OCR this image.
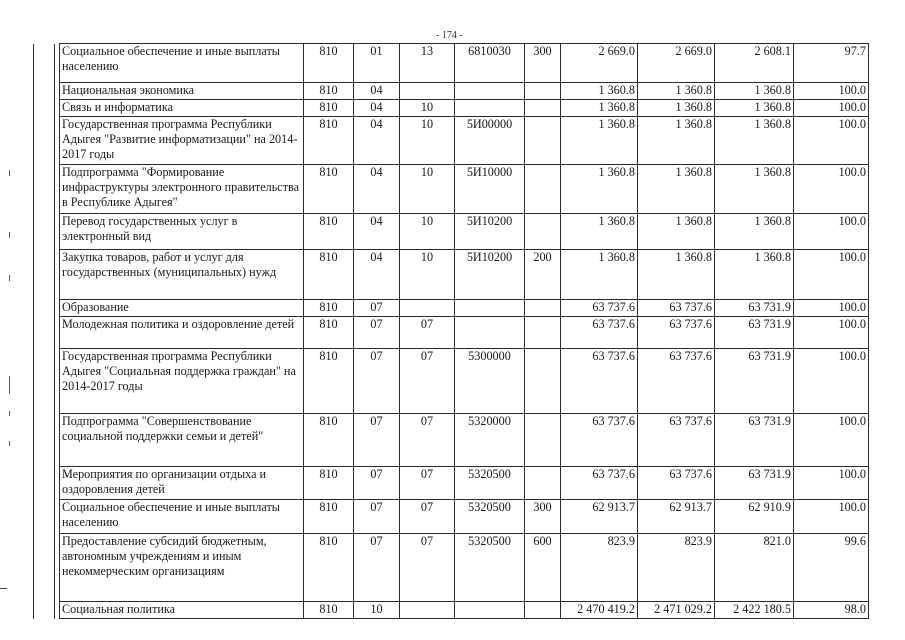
- 174 -
		Социальное обеспечение и иные выплаты населению	810	01	13	6810030	300	2 669.0	2 669.0	2 608.1	97.7
		Национальная экономика	810	04				1 360.8	1 360.8	1 360.8	100.0
		Связь и информатика	810	04	10			1 360.8	1 360.8	1 360.8	100.0
		Государственная программа Республики Адыгея "Развитие информатизации" на 2014-2017 годы	810	04	10	5И00000		1 360.8	1 360.8	1 360.8	100.0
		Подпрограмма "Формирование инфраструктуры электронного правительства в Республике Адыгея"	810	04	10	5И10000		1 360.8	1 360.8	1 360.8	100.0
		Перевод государственных услуг в электронный вид	810	04	10	5И10200		1 360.8	1 360.8	1 360.8	100.0
		Закупка товаров, работ и услуг для государственных (муниципальных) нужд	810	04	10	5И10200	200	1 360.8	1 360.8	1 360.8	100.0
		Образование	810	07				63 737.6	63 737.6	63 731.9	100.0
		Молодежная политика и оздоровление детей	810	07	07			63 737.6	63 737.6	63 731.9	100.0
		Государственная программа Республики Адыгея "Социальная поддержка граждан" на 2014-2017 годы	810	07	07	5300000		63 737.6	63 737.6	63 731.9	100.0
		Подпрограмма "Совершенствование социальной поддержки семьи и детей"	810	07	07	5320000		63 737.6	63 737.6	63 731.9	100.0
		Мероприятия по организации отдыха и оздоровления детей	810	07	07	5320500		63 737.6	63 737.6	63 731.9	100.0
		Социальное обеспечение и иные выплаты населению	810	07	07	5320500	300	62 913.7	62 913.7	62 910.9	100.0
		Предоставление субсидий бюджетным, автономным учреждениям и иным некоммерческим организациям	810	07	07	5320500	600	823.9	823.9	821.0	99.6
		Социальная политика	810	10				2 470 419.2	2 471 029.2	2 422 180.5	98.0
